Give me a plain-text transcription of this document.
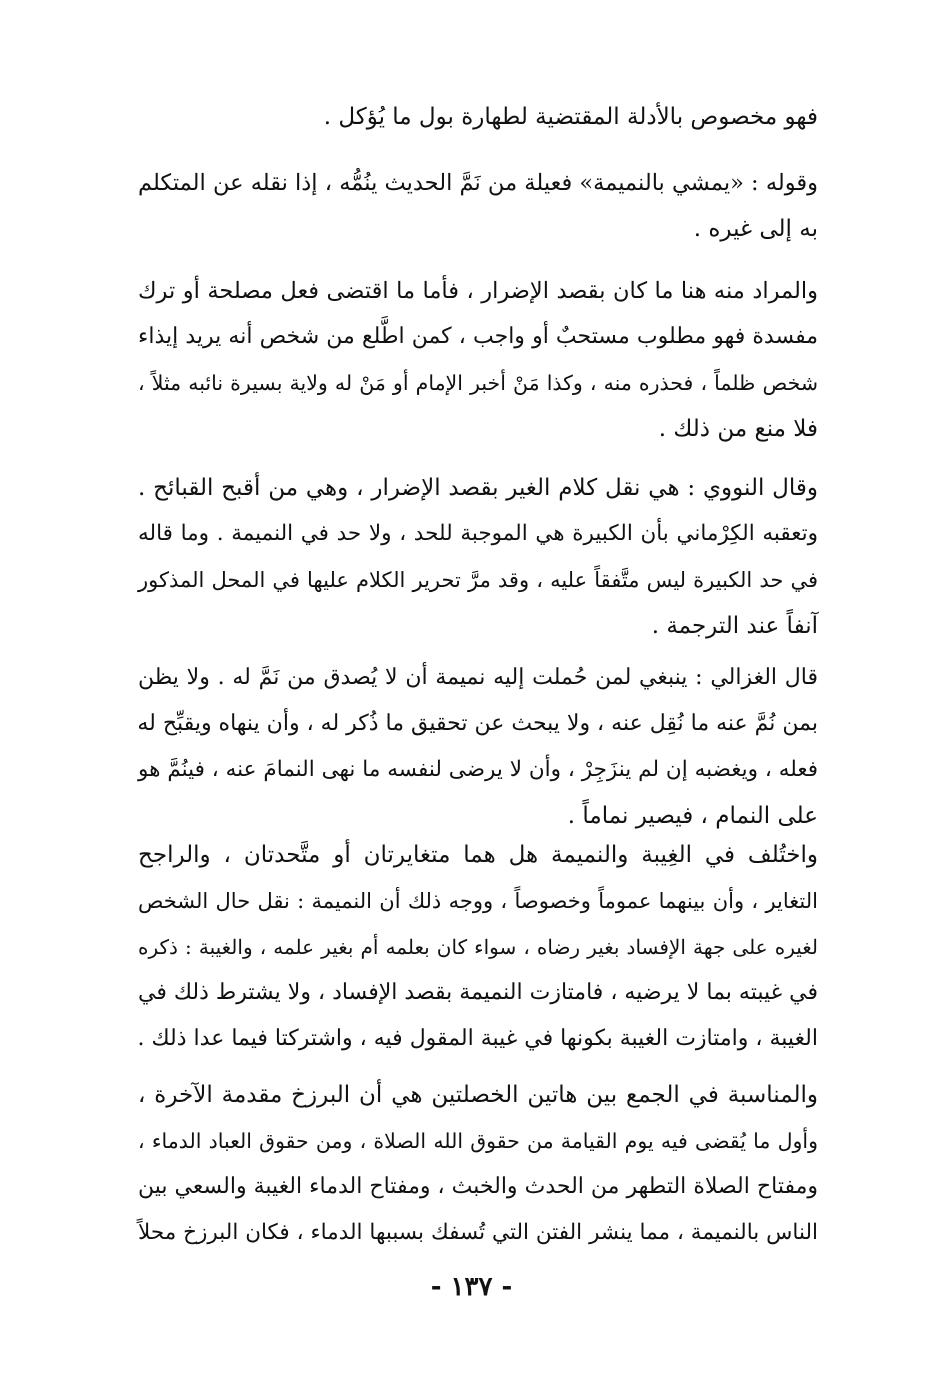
فهو مخصوص بالأدلة المقتضية لطهارة بول ما يُؤكل .
وقوله : «يمشي بالنميمة» فعيلة من نَمَّ الحديث ينُمُّه ، إذا نقله عن المتكلم
به إلى غيره .
والمراد منه هنا ما كان بقصد الإضرار ، فأما ما اقتضى فعل مصلحة أو ترك
مفسدة فهو مطلوب مستحبٌ أو واجب ، كمن اطَّلع من شخص أنه يريد إيذاء
شخص ظلماً ، فحذره منه ، وكذا مَنْ أخبر الإمام أو مَنْ له ولاية بسيرة نائبه مثلاً ،
فلا منع من ذلك .
وقال النووي : هي نقل كلام الغير بقصد الإضرار ، وهي من أقبح القبائح .
وتعقبه الكِرْماني بأن الكبيرة هي الموجبة للحد ، ولا حد في النميمة . وما قاله
في حد الكبيرة ليس متَّفقاً عليه ، وقد مرَّ تحرير الكلام عليها في المحل المذكور
آنفاً عند الترجمة .
قال الغزالي : ينبغي لمن حُملت إليه نميمة أن لا يُصدق من نَمَّ له . ولا يظن
بمن نُمَّ عنه ما نُقِل عنه ، ولا يبحث عن تحقيق ما ذُكر له ، وأن ينهاه ويقبِّح له
فعله ، ويغضبه إن لم ينزَجِرْ ، وأن لا يرضى لنفسه ما نهى النمامَ عنه ، فينُمَّ هو
على النمام ، فيصير نماماً .
واختُلف في الغِيبة والنميمة هل هما متغايرتان أو متَّحدتان ، والراجح
التغاير ، وأن بينهما عموماً وخصوصاً ، ووجه ذلك أن النميمة : نقل حال الشخص
لغيره على جهة الإفساد بغير رضاه ، سواء كان بعلمه أم بغير علمه ، والغيبة : ذكره
في غيبته بما لا يرضيه ، فامتازت النميمة بقصد الإفساد ، ولا يشترط ذلك في
الغيبة ، وامتازت الغيبة بكونها في غيبة المقول فيه ، واشتركتا فيما عدا ذلك .
والمناسبة في الجمع بين هاتين الخصلتين هي أن البرزخ مقدمة الآخرة ،
وأول ما يُقضى فيه يوم القيامة من حقوق الله الصلاة ، ومن حقوق العباد الدماء ،
ومفتاح الصلاة التطهر من الحدث والخبث ، ومفتاح الدماء الغيبة والسعي بين
الناس بالنميمة ، مما ينشر الفتن التي تُسفك بسببها الدماء ، فكان البرزخ محلاً
- ١٣٧ -
